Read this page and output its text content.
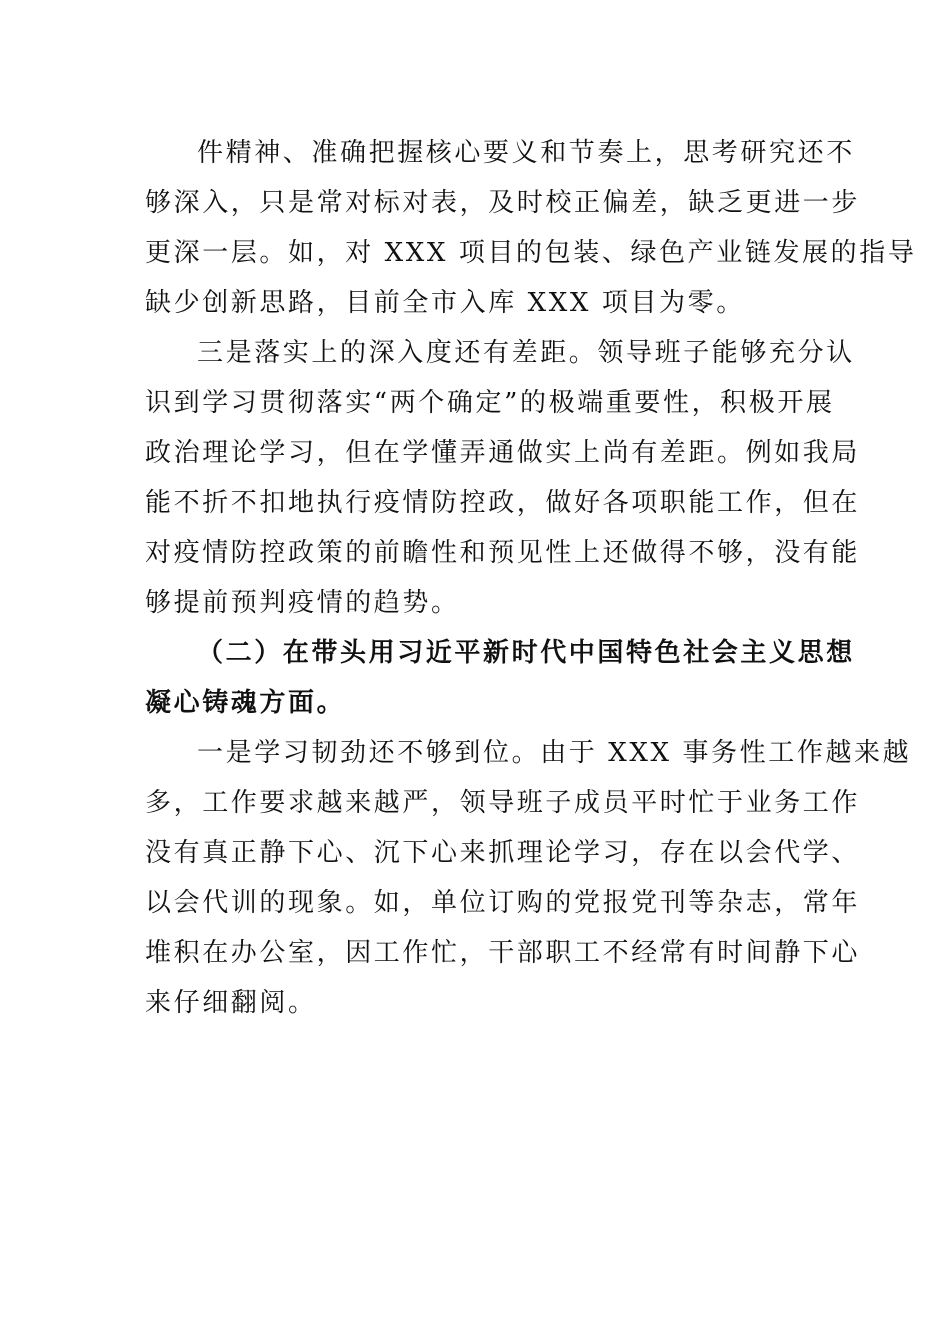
件精神、准确把握核心要义和节奏上，思考研究还不
够深入，只是常对标对表，及时校正偏差，缺乏更进一步
更深一层。如，对 XXX 项目的包装、绿色产业链发展的指导
缺少创新思路，目前全市入库 XXX 项目为零。

三是落实上的深入度还有差距。领导班子能够充分认
识到学习贯彻落实“两个确定”的极端重要性，积极开展
政治理论学习，但在学懂弄通做实上尚有差距。例如我局
能不折不扣地执行疫情防控政，做好各项职能工作，但在
对疫情防控政策的前瞻性和预见性上还做得不够，没有能
够提前预判疫情的趋势。

（二）在带头用习近平新时代中国特色社会主义思想
凝心铸魂方面。

一是学习韧劲还不够到位。由于 XXX 事务性工作越来越
多，工作要求越来越严，领导班子成员平时忙于业务工作
没有真正静下心、沉下心来抓理论学习，存在以会代学、
以会代训的现象。如，单位订购的党报党刊等杂志，常年
堆积在办公室，因工作忙，干部职工不经常有时间静下心
来仔细翻阅。
